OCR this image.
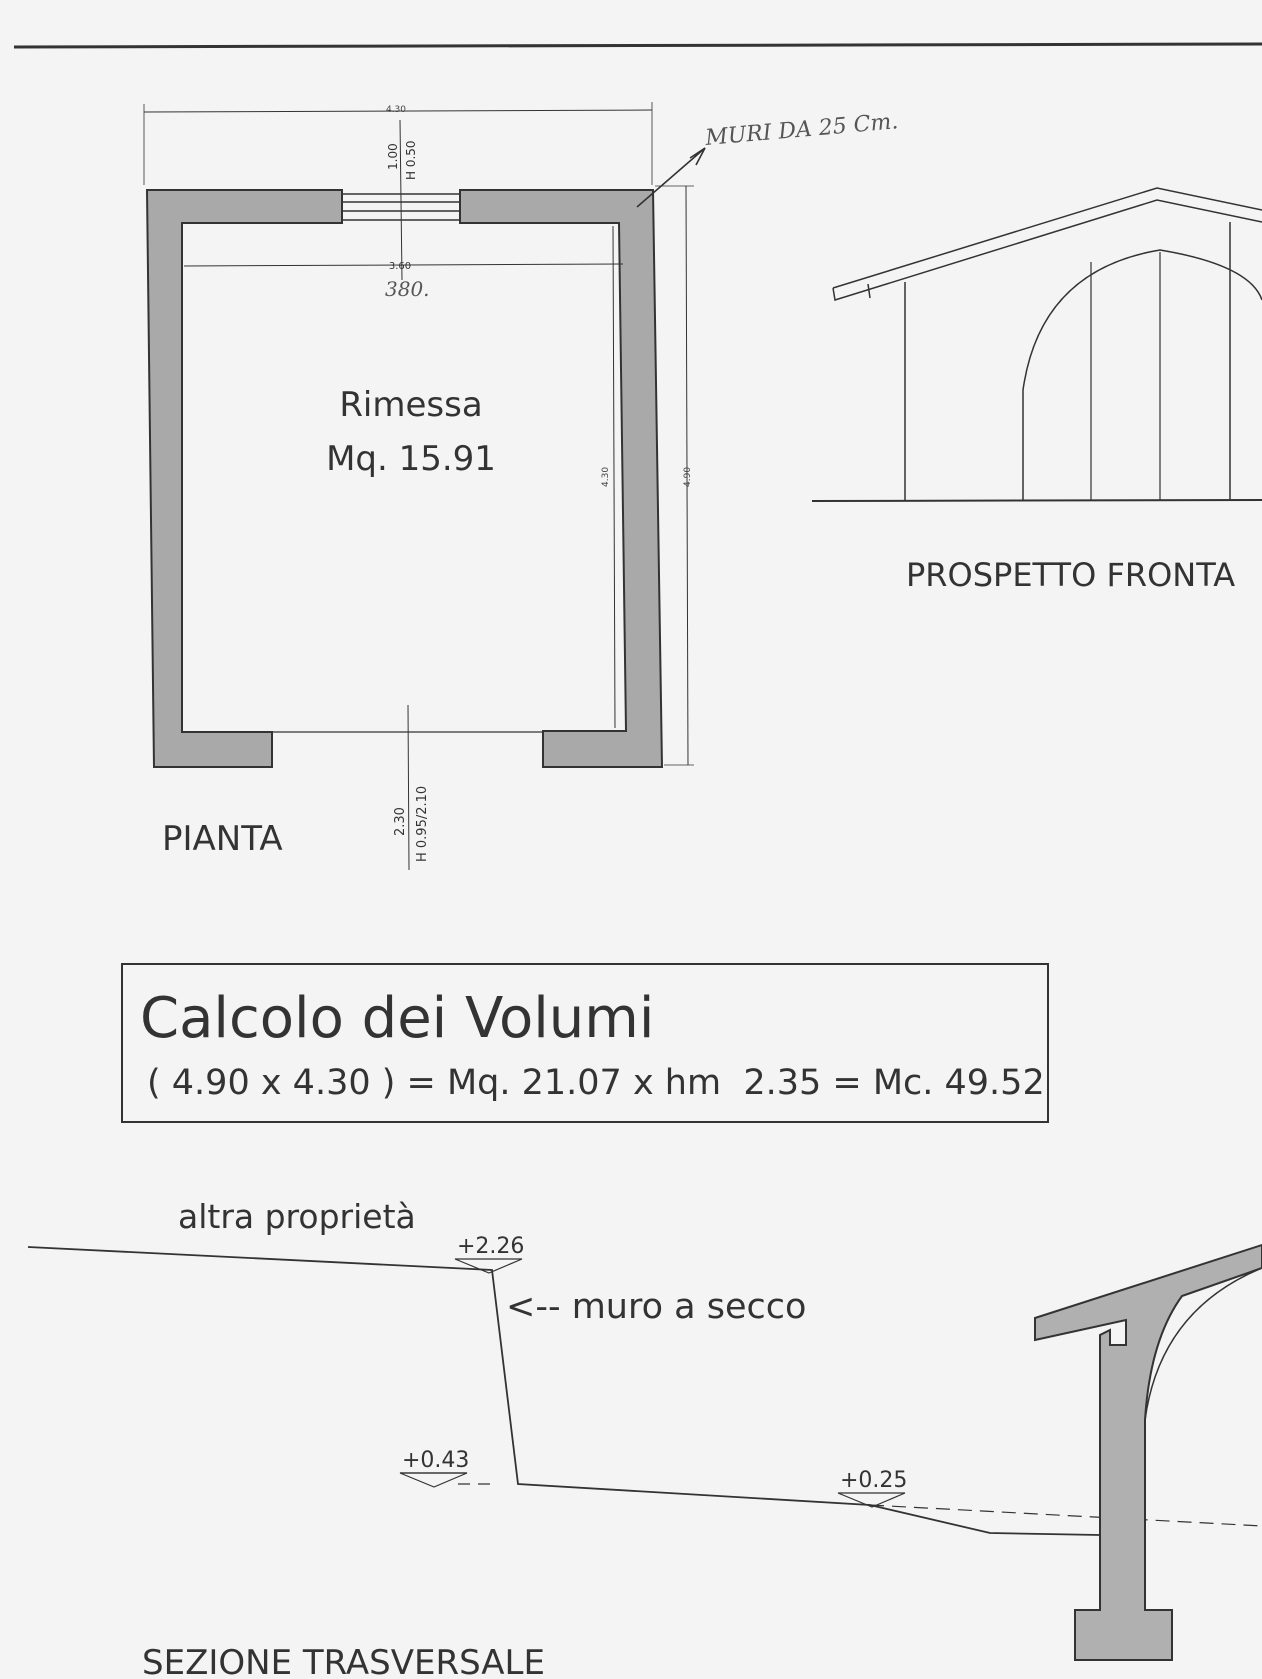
4.30
1.00 H 0.50
3.60
380.
Rimessa
Mq. 15.91	4.30	4.90
2.30 H 0.95/2.10
MURI DA 25 Cm.
PIANTA
PROSPETTO FRONTA
Calcolo dei Volumi
( 4.90 x 4.30 ) = Mq. 21.07 x hm  2.35 = Mc. 49.52
altra proprietà
+2.26
<-- muro a secco
+0.43
+0.25
SEZIONE TRASVERSALE
